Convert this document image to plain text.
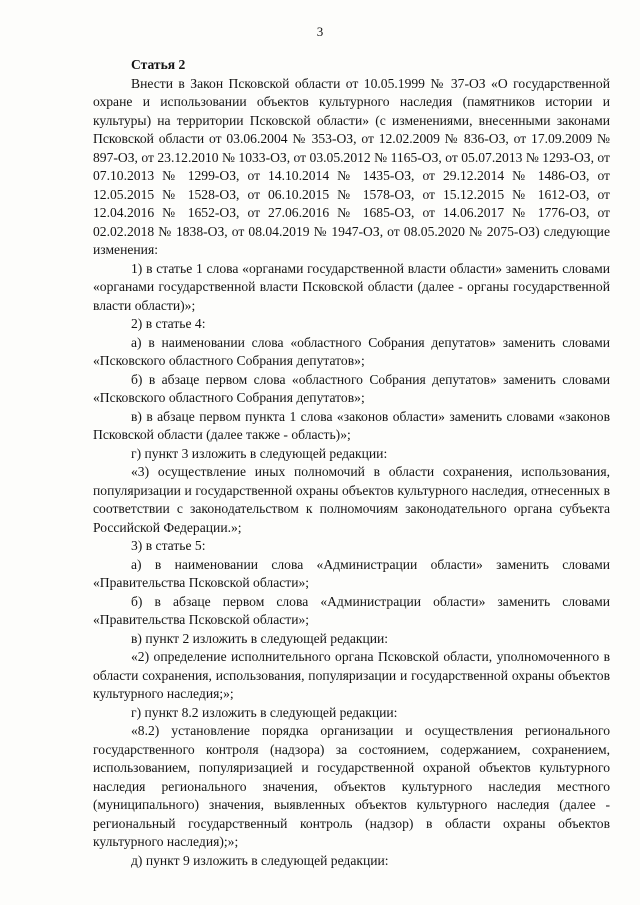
3
Статья 2

Внести в Закон Псковской области от 10.05.1999 № 37-ОЗ «О государственной охране и использовании объектов культурного наследия (памятников истории и культуры) на территории Псковской области» (с изменениями, внесенными законами Псковской области от 03.06.2004 № 353-ОЗ, от 12.02.2009 № 836-ОЗ, от 17.09.2009 № 897-ОЗ, от 23.12.2010 № 1033-ОЗ, от 03.05.2012 № 1165-ОЗ, от 05.07.2013 № 1293-ОЗ, от 07.10.2013 № 1299-ОЗ, от 14.10.2014 № 1435-ОЗ, от 29.12.2014 № 1486-ОЗ, от 12.05.2015 № 1528-ОЗ, от 06.10.2015 № 1578-ОЗ, от 15.12.2015 № 1612-ОЗ, от 12.04.2016 № 1652-ОЗ, от 27.06.2016 № 1685-ОЗ, от 14.06.2017 № 1776-ОЗ, от 02.02.2018 № 1838-ОЗ, от 08.04.2019 № 1947-ОЗ, от 08.05.2020 № 2075-ОЗ) следующие изменения:

1) в статье 1 слова «органами государственной власти области» заменить словами «органами государственной власти Псковской области (далее - органы государственной власти области)»;

2) в статье 4:

а) в наименовании слова «областного Собрания депутатов» заменить словами «Псковского областного Собрания депутатов»;

б) в абзаце первом слова «областного Собрания депутатов» заменить словами «Псковского областного Собрания депутатов»;

в) в абзаце первом пункта 1 слова «законов области» заменить словами «законов Псковской области (далее также - область)»;

г) пункт 3 изложить в следующей редакции:

«3) осуществление иных полномочий в области сохранения, использования, популяризации и государственной охраны объектов культурного наследия, отнесенных в соответствии с законодательством к полномочиям законодательного органа субъекта Российской Федерации.»;

3) в статье 5:

а) в наименовании слова «Администрации области» заменить словами «Правительства Псковской области»;

б) в абзаце первом слова «Администрации области» заменить словами «Правительства Псковской области»;

в) пункт 2 изложить в следующей редакции:

«2) определение исполнительного органа Псковской области, уполномоченного в области сохранения, использования, популяризации и государственной охраны объектов культурного наследия;»;

г) пункт 8.2 изложить в следующей редакции:

«8.2) установление порядка организации и осуществления регионального государственного контроля (надзора) за состоянием, содержанием, сохранением, использованием, популяризацией и государственной охраной объектов культурного наследия регионального значения, объектов культурного наследия местного (муниципального) значения, выявленных объектов культурного наследия (далее - региональный государственный контроль (надзор) в области охраны объектов культурного наследия);»;

д) пункт 9 изложить в следующей редакции:
